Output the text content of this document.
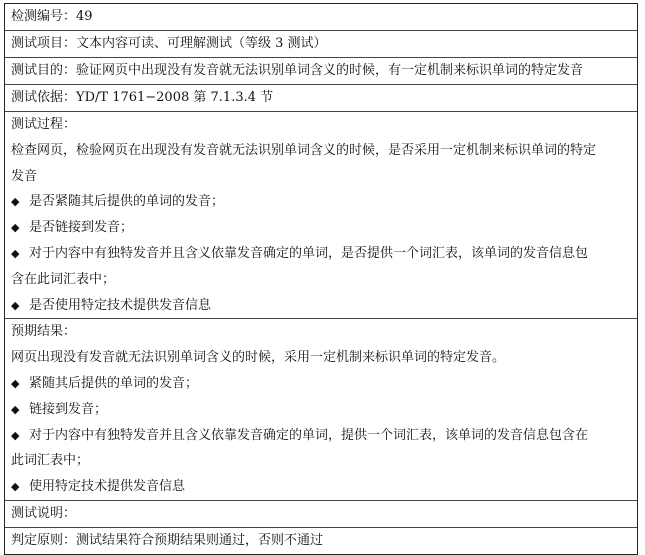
检测编号：49
测试项目：文本内容可读、可理解测试（等级 3 测试）
测试目的：验证网页中出现没有发音就无法识别单词含义的时候，有一定机制来标识单词的特定发音
测试依据：YD/T 1761−2008 第 7.1.3.4 节
测试过程：
检查网页，检验网页在出现没有发音就无法识别单词含义的时候，是否采用一定机制来标识单词的特定
发音
◆ 是否紧随其后提供的单词的发音；
◆ 是否链接到发音；
◆ 对于内容中有独特发音并且含义依靠发音确定的单词，是否提供一个词汇表，该单词的发音信息包
含在此词汇表中；
◆ 是否使用特定技术提供发音信息
预期结果：
网页出现没有发音就无法识别单词含义的时候，采用一定机制来标识单词的特定发音。
◆ 紧随其后提供的单词的发音；
◆ 链接到发音；
◆ 对于内容中有独特发音并且含义依靠发音确定的单词，提供一个词汇表，该单词的发音信息包含在
此词汇表中；
◆ 使用特定技术提供发音信息
测试说明：
判定原则：测试结果符合预期结果则通过，否则不通过
